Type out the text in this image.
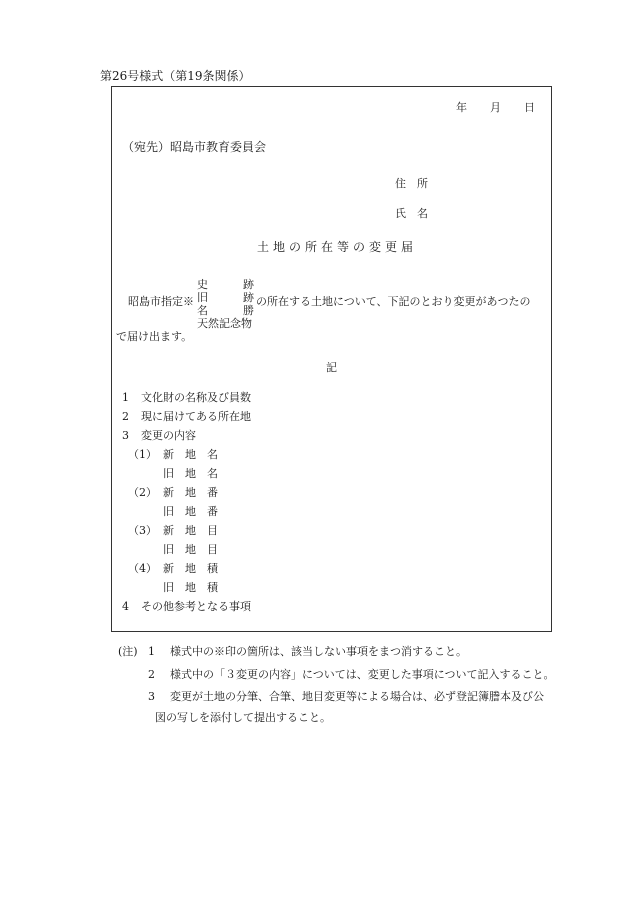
第26号様式（第19条関係）
年 月 日
（宛先）昭島市教育委員会
住　所
氏　名
土地の所在等の変更届
昭島市指定※
史	跡
旧	跡
名	勝
天然記念物
の所在する土地について、下記のとおり変更があつたの
で届け出ます。
記
1 文化財の名称及び員数
2 現に届けてある所在地
3 変更の内容
（1） 新　地　名
旧　地　名
（2） 新　地　番
旧　地　番
（3） 新　地　目
旧　地　目
（4） 新　地　積
旧　地　積
4 その他参考となる事項
(注) 1 様式中の※印の箇所は、該当しない事項をまつ消すること。
2 様式中の「３変更の内容」については、変更した事項について記入すること。
3 変更が土地の分筆、合筆、地目変更等による場合は、必ず登記簿謄本及び公
図の写しを添付して提出すること。
